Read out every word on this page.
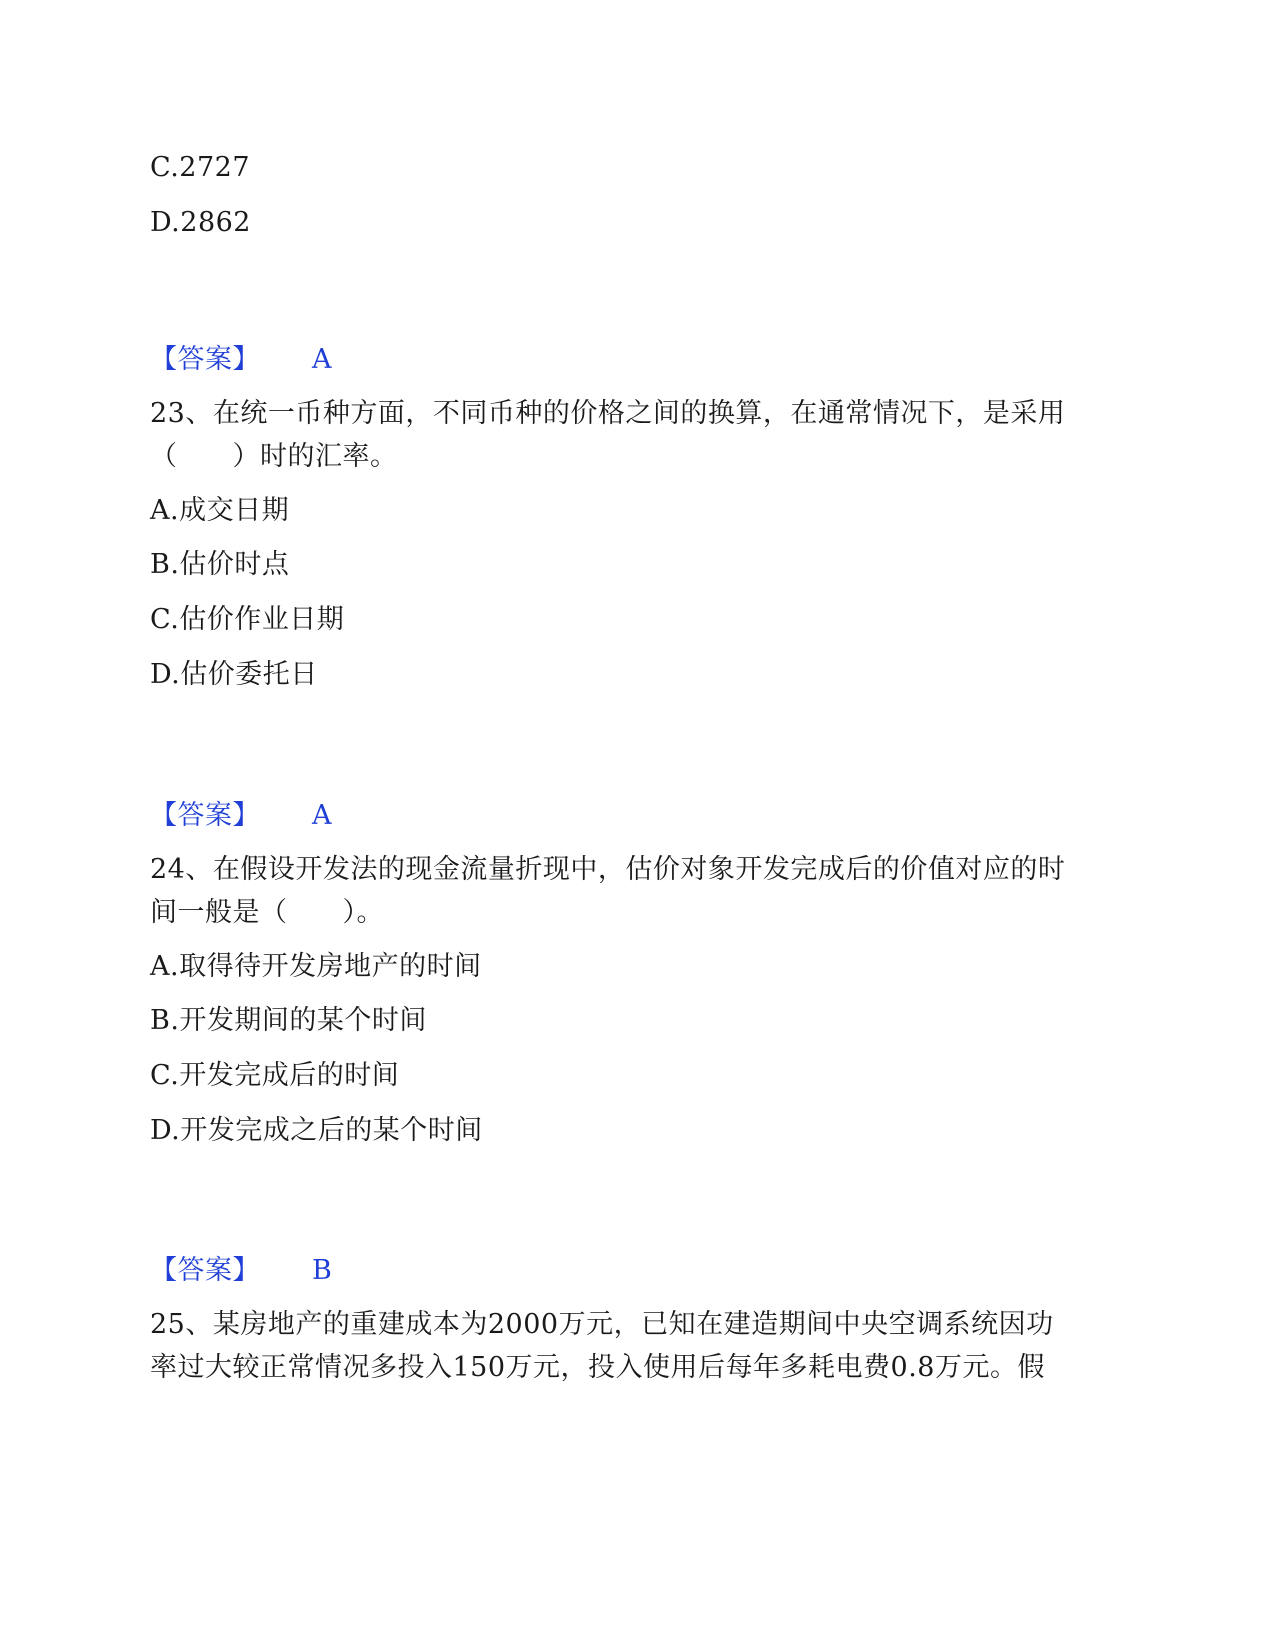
C.2727
D.2862
【答案】 A
23、在统一币种方面，不同币种的价格之间的换算，在通常情况下，是采用
（　　）时的汇率。
A.成交日期
B.估价时点
C.估价作业日期
D.估价委托日
【答案】 A
24、在假设开发法的现金流量折现中，估价对象开发完成后的价值对应的时
间一般是（　　）。
A.取得待开发房地产的时间
B.开发期间的某个时间
C.开发完成后的时间
D.开发完成之后的某个时间
【答案】 B
25、某房地产的重建成本为2000万元，已知在建造期间中央空调系统因功
率过大较正常情况多投入150万元，投入使用后每年多耗电费0.8万元。假
